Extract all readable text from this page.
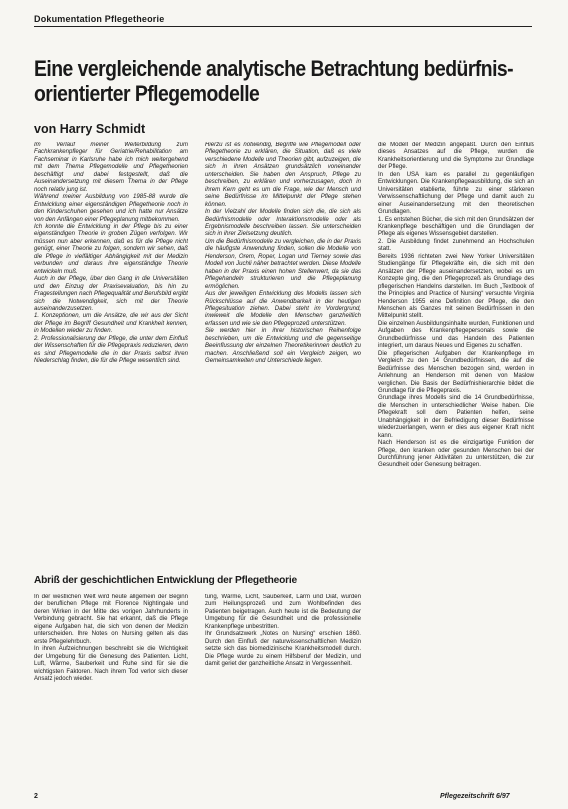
Dokumentation Pflegetheorie
Eine vergleichende analytische Betrachtung bedürfnis-
orientierter Pflegemodelle
von Harry Schmidt

Im Verlauf meiner Weiterbildung zum Fachkrankenpfleger für Geriatrie/Rehabilitation am Fachseminar in Karlsruhe habe ich mich weitergehend mit dem Thema Pflegemodelle und Pflegetheorien beschäftigt und dabei festgestellt, daß die Auseinandersetzung mit diesem Thema in der Pflege noch relativ jung ist.

Während meiner Ausbildung von 1985-88 wurde die Entwicklung einer eigenständigen Pflegetheorie noch in den Kinderschuhen gesehen und ich hatte nur Ansätze von den Anfängen einer Pflegeplanung mitbekommen.

Ich konnte die Entwicklung in der Pflege bis zu einer eigenständigen Theorie in groben Zügen verfolgen. Wir müssen nun aber erkennen, daß es für die Pflege nicht genügt, einer Theorie zu folgen, sondern wir sehen, daß die Pflege in vielfältiger Abhängigkeit mit der Medizin verbunden und daraus ihre eigenständige Theorie entwickeln muß.

Auch in der Pflege, über den Gang in die Universitäten und den Einzug der Praxisevaluation, bis hin zu Fragestellungen nach Pflegequalität und Berufsbild ergibt sich die Notwendigkeit, sich mit der Theorie auseinanderzusetzen.

1. Konzeptionen, um die Ansätze, die wir aus der Sicht der Pflege im Begriff Gesundheit und Krankheit kennen, in Modellen wieder zu finden.

2. Professionalisierung der Pflege, die unter dem Einfluß der Wissenschaften für die Pflegepraxis reduzieren, denn es sind Pflegemodelle die in der Praxis selbst ihren Niederschlag finden, die für die Pflege wesentlich sind.

Hierzu ist es notwendig, Begriffe wie Pflegemodell oder Pflegetheorie zu erklären, die Situation, daß es viele verschiedene Modelle und Theorien gibt, aufzuzeigen, die sich in ihren Ansätzen grundsätzlich voneinander unterscheiden. Sie haben den Anspruch, Pflege zu beschreiben, zu erklären und vorherzusagen, doch in ihrem Kern geht es um die Frage, wie der Mensch und seine Bedürfnisse im Mittelpunkt der Pflege stehen können.

In der Vielzahl der Modelle finden sich die, die sich als Bedürfnismodelle oder Interaktionsmodelle oder als Ergebnismodelle beschreiben lassen. Sie unterscheiden sich in ihrer Zielsetzung deutlich.

Um die Bedürfnismodelle zu vergleichen, die in der Praxis die häufigste Anwendung finden, sollen die Modelle von Henderson, Orem, Roper, Logan und Tierney sowie das Modell von Juchli näher betrachtet werden. Diese Modelle haben in der Praxis einen hohen Stellenwert, da sie das Pflegehandeln strukturieren und die Pflegeplanung ermöglichen.

Aus der jeweiligen Entwicklung des Modells lassen sich Rückschlüsse auf die Anwendbarkeit in der heutigen Pflegesituation ziehen. Dabei steht im Vordergrund, inwieweit die Modelle den Menschen ganzheitlich erfassen und wie sie den Pflegeprozeß unterstützen.

Sie werden hier in ihrer historischen Reihenfolge beschrieben, um die Entwicklung und die gegenseitige Beeinflussung der einzelnen Theoretikerinnen deutlich zu machen. Anschließend soll ein Vergleich zeigen, wo Gemeinsamkeiten und Unterschiede liegen.

die Modell der Medizin angepaßt. Durch den Einfluß dieses Ansatzes auf die Pflege, wurden die Krankheitsorientierung und die Symptome zur Grundlage der Pflege.

In den USA kam es parallel zu gegenläufigen Entwicklungen. Die Krankenpflegeausbildung, die sich an Universitäten etablierte, führte zu einer stärkeren Verwissenschaftlichung der Pflege und damit auch zu einer Auseinandersetzung mit den theoretischen Grundlagen.

1. Es entstehen Bücher, die sich mit den Grundsätzen der Krankenpflege beschäftigen und die Grundlagen der Pflege als eigenes Wissensgebiet darstellen.

2. Die Ausbildung findet zunehmend an Hochschulen statt.

Bereits 1936 richteten zwei New Yorker Universitäten Studiengänge für Pflegekräfte ein, die sich mit den Ansätzen der Pflege auseinandersetzten, wobei es um Konzepte ging, die den Pflegeprozeß als Grundlage des pflegerischen Handelns darstellen. Im Buch „Textbook of the Principles and Practice of Nursing“ versuchte Virginia Henderson 1955 eine Definition der Pflege, die den Menschen als Ganzes mit seinen Bedürfnissen in den Mittelpunkt stellt.

Die einzelnen Ausbildungsinhalte wurden, Funktionen und Aufgaben des Krankenpflegepersonals sowie die Grundbedürfnisse und das Handeln des Patienten integriert, um daraus Neues und Eigenes zu schaffen.

Die pflegerischen Aufgaben der Krankenpflege im Vergleich zu den 14 Grundbedürfnissen, die auf die Bedürfnisse des Menschen bezogen sind, werden in Anlehnung an Henderson mit denen von Maslow verglichen. Die Basis der Bedürfnishierarchie bildet die Grundlage für die Pflegepraxis.

Grundlage ihres Modells sind die 14 Grundbedürfnisse, die Menschen in unterschiedlicher Weise haben. Die Pflegekraft soll dem Patienten helfen, seine Unabhängigkeit in der Befriedigung dieser Bedürfnisse wiederzuerlangen, wenn er dies aus eigener Kraft nicht kann.

Nach Henderson ist es die einzigartige Funktion der Pflege, den kranken oder gesunden Menschen bei der Durchführung jener Aktivitäten zu unterstützen, die zur Gesundheit oder Genesung beitragen.

Abriß der geschichtlichen Entwicklung der Pflegetheorie

In der westlichen Welt wird heute allgemein der Beginn der beruflichen Pflege mit Florence Nightingale und deren Wirken in der Mitte des vorigen Jahrhunderts in Verbindung gebracht. Sie hat erkannt, daß die Pflege eigene Aufgaben hat, die sich von denen der Medizin unterscheiden. Ihre Notes on Nursing gelten als das erste Pflegelehrbuch.

In ihren Aufzeichnungen beschreibt sie die Wichtigkeit der Umgebung für die Genesung des Patienten. Licht, Luft, Wärme, Sauberkeit und Ruhe sind für sie die wichtigsten Faktoren. Nach ihrem Tod verlor sich dieser Ansatz jedoch wieder.

tung, Wärme, Licht, Sauberkeit, Lärm und Diät, wurden zum Heilungsprozeß und zum Wohlbefinden des Patienten beigetragen. Auch heute ist die Bedeutung der Umgebung für die Gesundheit und die professionelle Krankenpflege unbestritten.

Ihr Grundsatzwerk „Notes on Nursing“ erschien 1860. Durch den Einfluß der naturwissenschaftlichen Medizin setzte sich das biomedizinische Krankheitsmodell durch. Die Pflege wurde zu einem Hilfsberuf der Medizin, und damit geriet der ganzheitliche Ansatz in Vergessenheit.

2	Pflegezeitschrift 6/97
